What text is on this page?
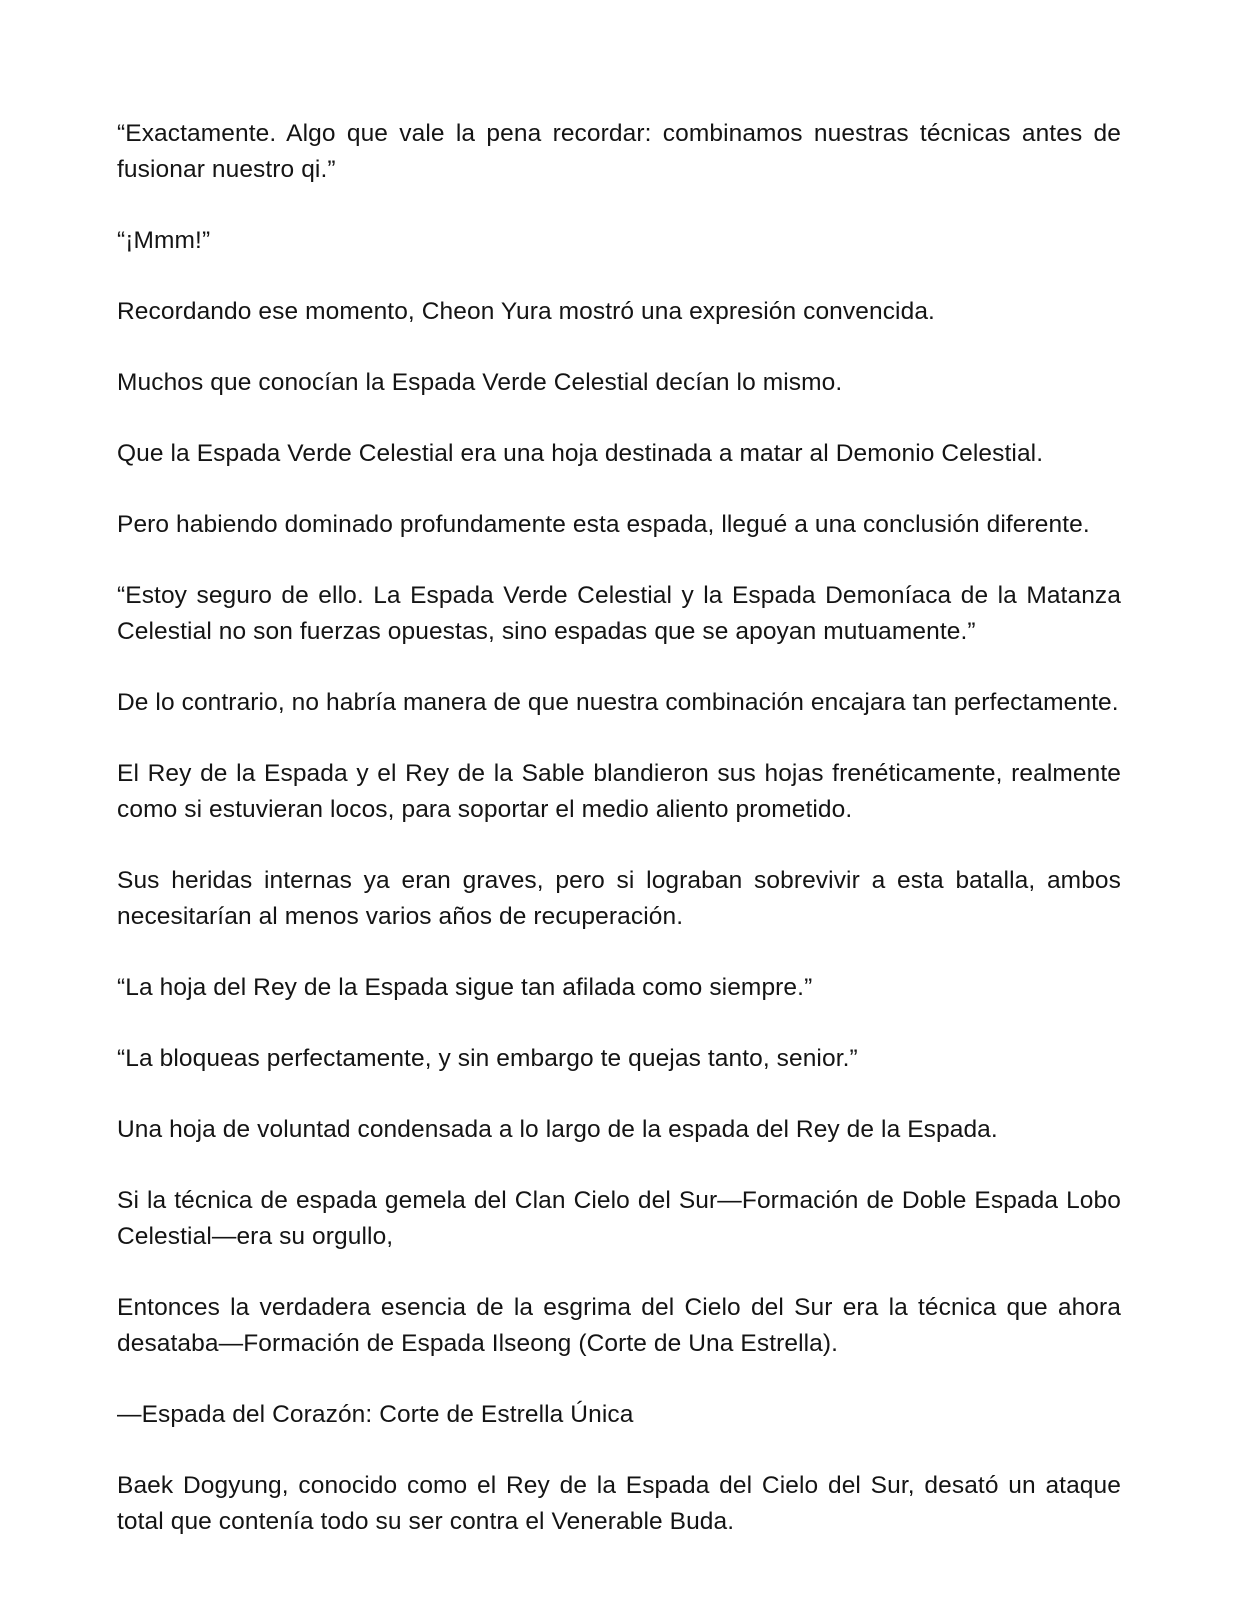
“Exactamente. Algo que vale la pena recordar: combinamos nuestras técnicas antes de fusionar nuestro qi.”

“¡Mmm!”

Recordando ese momento, Cheon Yura mostró una expresión convencida.

Muchos que conocían la Espada Verde Celestial decían lo mismo.

Que la Espada Verde Celestial era una hoja destinada a matar al Demonio Celestial.

Pero habiendo dominado profundamente esta espada, llegué a una conclusión diferente.

“Estoy seguro de ello. La Espada Verde Celestial y la Espada Demoníaca de la Matanza Celestial no son fuerzas opuestas, sino espadas que se apoyan mutuamente.”

De lo contrario, no habría manera de que nuestra combinación encajara tan perfectamente.

El Rey de la Espada y el Rey de la Sable blandieron sus hojas frenéticamente, realmente como si estuvieran locos, para soportar el medio aliento prometido.

Sus heridas internas ya eran graves, pero si lograban sobrevivir a esta batalla, ambos necesitarían al menos varios años de recuperación.

“La hoja del Rey de la Espada sigue tan afilada como siempre.”

“La bloqueas perfectamente, y sin embargo te quejas tanto, senior.”

Una hoja de voluntad condensada a lo largo de la espada del Rey de la Espada.

Si la técnica de espada gemela del Clan Cielo del Sur—Formación de Doble Espada Lobo Celestial—era su orgullo,

Entonces la verdadera esencia de la esgrima del Cielo del Sur era la técnica que ahora desataba—Formación de Espada Ilseong (Corte de Una Estrella).

—Espada del Corazón: Corte de Estrella Única

Baek Dogyung, conocido como el Rey de la Espada del Cielo del Sur, desató un ataque total que contenía todo su ser contra el Venerable Buda.
